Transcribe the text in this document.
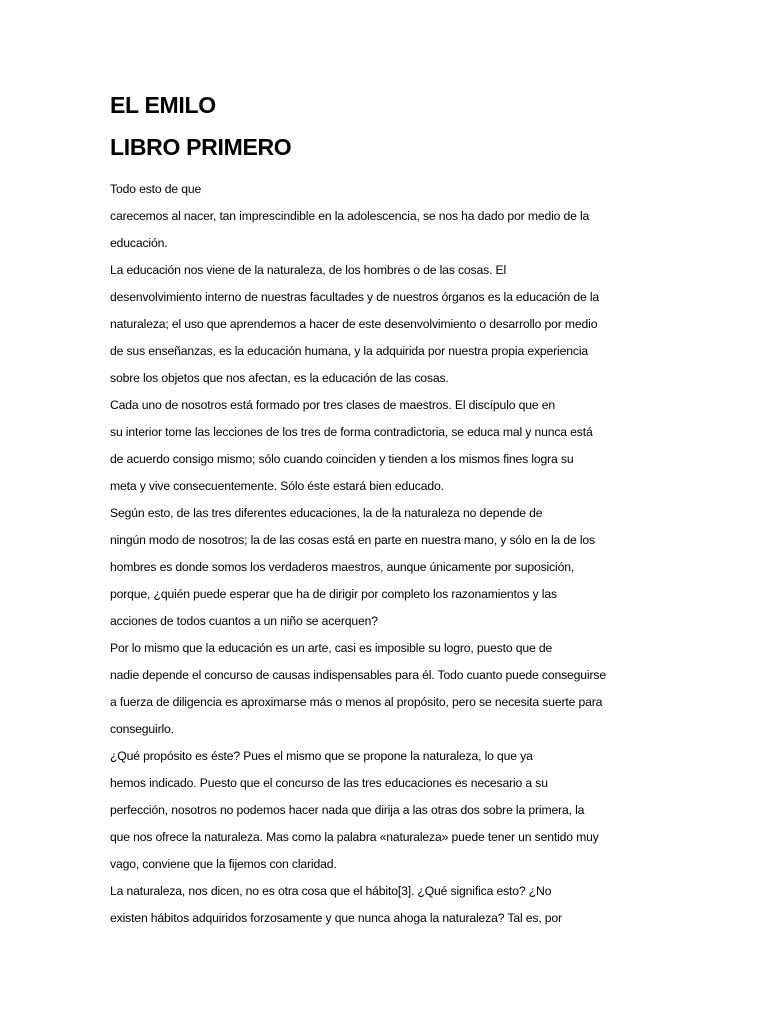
EL EMILO
LIBRO PRIMERO
Todo esto de que
carecemos al nacer, tan imprescindible en la adolescencia, se nos ha dado por medio de la
educación.
La educación nos viene de la naturaleza, de los hombres o de las cosas. El
desenvolvimiento interno de nuestras facultades y de nuestros órganos es la educación de la
naturaleza; el uso que aprendemos a hacer de este desenvolvimiento o desarrollo por medio
de sus enseñanzas, es la educación humana, y la adquirida por nuestra propia experiencia
sobre los objetos que nos afectan, es la educación de las cosas.
Cada uno de nosotros está formado por tres clases de maestros. El discípulo que en
su interior tome las lecciones de los tres de forma contradictoria, se educa mal y nunca está
de acuerdo consigo mismo; sólo cuando coinciden y tienden a los mismos fines logra su
meta y vive consecuentemente. Sólo éste estará bien educado.
Según esto, de las tres diferentes educaciones, la de la naturaleza no depende de
ningún modo de nosotros; la de las cosas está en parte en nuestra mano, y sólo en la de los
hombres es donde somos los verdaderos maestros, aunque únicamente por suposición,
porque, ¿quién puede esperar que ha de dirigir por completo los razonamientos y las
acciones de todos cuantos a un niño se acerquen?
Por lo mismo que la educación es un arte, casi es imposible su logro, puesto que de
nadie depende el concurso de causas indispensables para él. Todo cuanto puede conseguirse
a fuerza de diligencia es aproximarse más o menos al propósito, pero se necesita suerte para
conseguirlo.
¿Qué propósito es éste? Pues el mismo que se propone la naturaleza, lo que ya
hemos indicado. Puesto que el concurso de las tres educaciones es necesario a su
perfección, nosotros no podemos hacer nada que dirija a las otras dos sobre la primera, la
que nos ofrece la naturaleza. Mas como la palabra «naturaleza» puede tener un sentido muy
vago, conviene que la fijemos con claridad.
La naturaleza, nos dicen, no es otra cosa que el hábito[3]. ¿Qué significa esto? ¿No
existen hábitos adquiridos forzosamente y que nunca ahoga la naturaleza? Tal es, por
